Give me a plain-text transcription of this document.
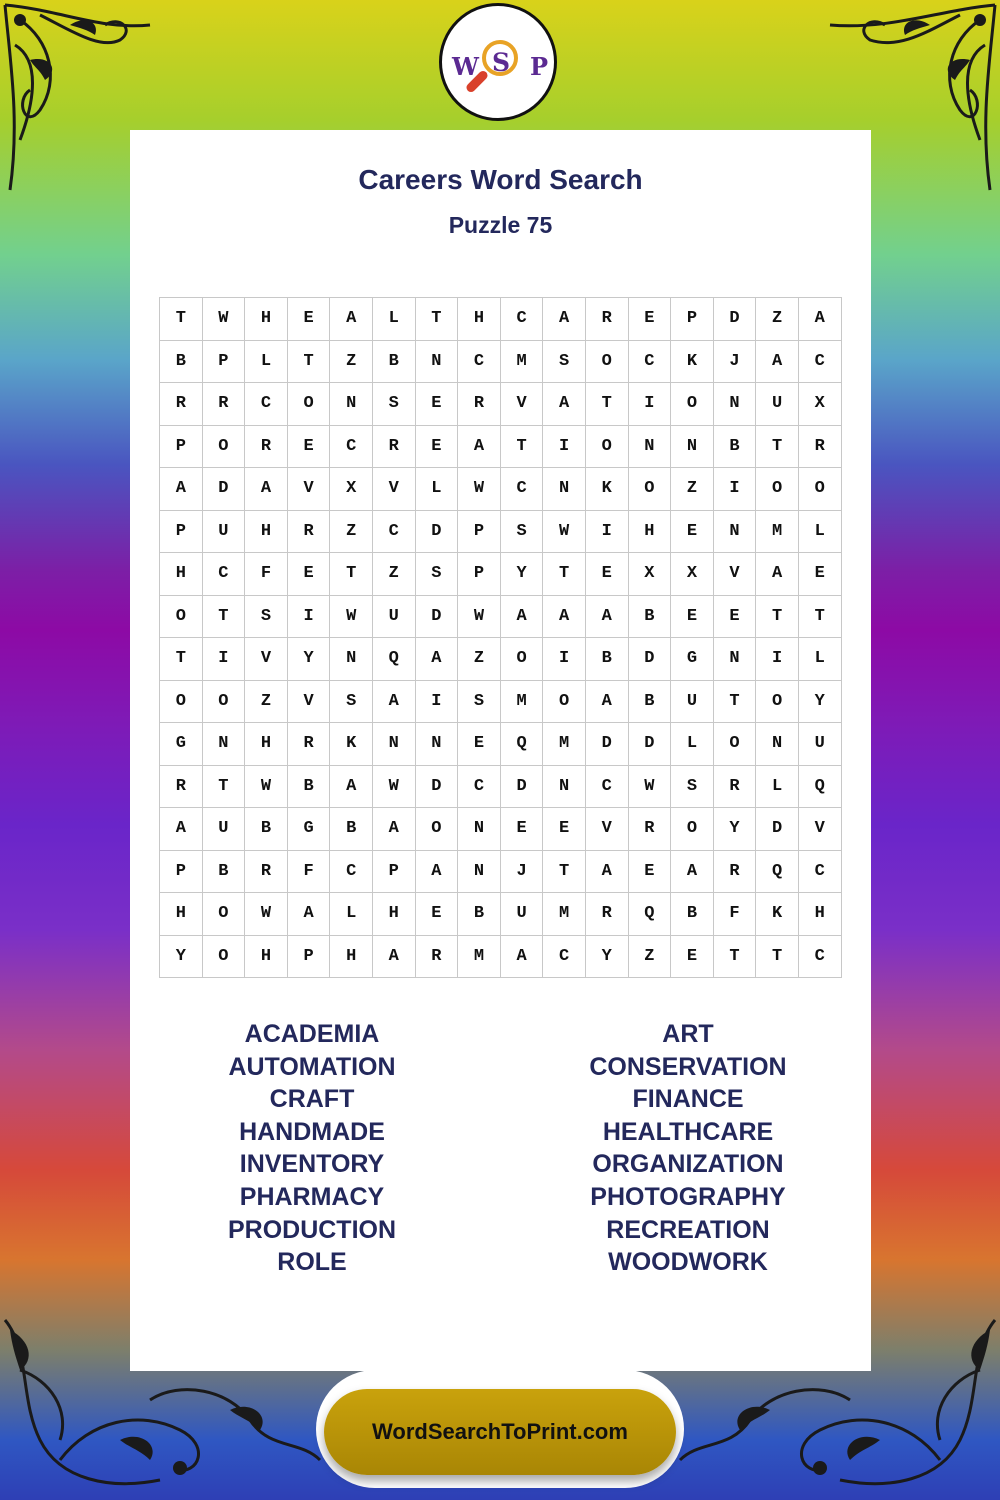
W S P
Careers Word Search
Puzzle 75
T	W	H	E	A	L	T	H	C	A	R	E	P	D	Z	A
B	P	L	T	Z	B	N	C	M	S	O	C	K	J	A	C
R	R	C	O	N	S	E	R	V	A	T	I	O	N	U	X
P	O	R	E	C	R	E	A	T	I	O	N	N	B	T	R
A	D	A	V	X	V	L	W	C	N	K	O	Z	I	O	O
P	U	H	R	Z	C	D	P	S	W	I	H	E	N	M	L
H	C	F	E	T	Z	S	P	Y	T	E	X	X	V	A	E
O	T	S	I	W	U	D	W	A	A	A	B	E	E	T	T
T	I	V	Y	N	Q	A	Z	O	I	B	D	G	N	I	L
O	O	Z	V	S	A	I	S	M	O	A	B	U	T	O	Y
G	N	H	R	K	N	N	E	Q	M	D	D	L	O	N	U
R	T	W	B	A	W	D	C	D	N	C	W	S	R	L	Q
A	U	B	G	B	A	O	N	E	E	V	R	O	Y	D	V
P	B	R	F	C	P	A	N	J	T	A	E	A	R	Q	C
H	O	W	A	L	H	E	B	U	M	R	Q	B	F	K	H
Y	O	H	P	H	A	R	M	A	C	Y	Z	E	T	T	C
ACADEMIA
AUTOMATION
CRAFT
HANDMADE
INVENTORY
PHARMACY
PRODUCTION
ROLE
ART
CONSERVATION
FINANCE
HEALTHCARE
ORGANIZATION
PHOTOGRAPHY
RECREATION
WOODWORK
WordSearchToPrint.com
